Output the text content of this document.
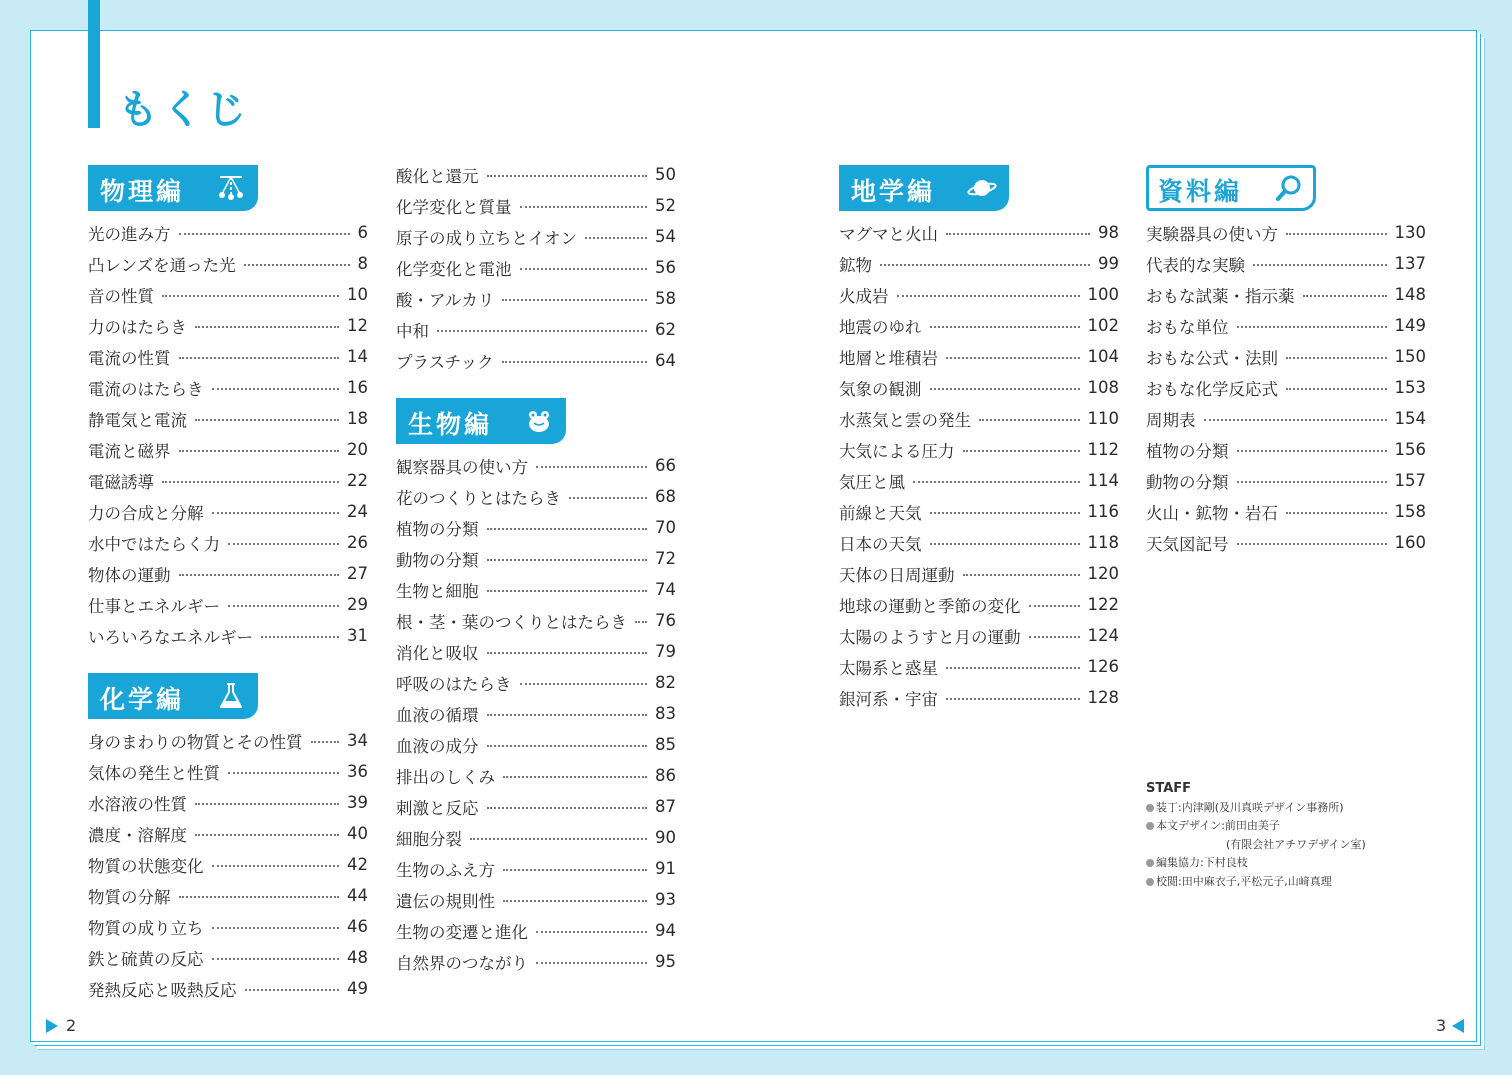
もくじ
物理編
光の進み方	6
凸レンズを通った光	8
音の性質	10
力のはたらき	12
電流の性質	14
電流のはたらき	16
静電気と電流	18
電流と磁界	20
電磁誘導	22
力の合成と分解	24
水中ではたらく力	26
物体の運動	27
仕事とエネルギー	29
いろいろなエネルギー	31
化学編
身のまわりの物質とその性質	34
気体の発生と性質	36
水溶液の性質	39
濃度・溶解度	40
物質の状態変化	42
物質の分解	44
物質の成り立ち	46
鉄と硫黄の反応	48
発熱反応と吸熱反応	49
酸化と還元	50
化学変化と質量	52
原子の成り立ちとイオン	54
化学変化と電池	56
酸・アルカリ	58
中和	62
プラスチック	64
生物編
観察器具の使い方	66
花のつくりとはたらき	68
植物の分類	70
動物の分類	72
生物と細胞	74
根・茎・葉のつくりとはたらき 76
消化と吸収	79
呼吸のはたらき	82
血液の循環	83
血液の成分	85
排出のしくみ	86
刺激と反応	87
細胞分裂	90
生物のふえ方	91
遺伝の規則性	93
生物の変遷と進化	94
自然界のつながり	95
地学編
マグマと火山	98
鉱物	99
火成岩	100
地震のゆれ	102
地層と堆積岩	104
気象の観測	108
水蒸気と雲の発生	110
大気による圧力	112
気圧と風	114
前線と天気	116
日本の天気	118
天体の日周運動	120
地球の運動と季節の変化	122
太陽のようすと月の運動	124
太陽系と惑星	126
銀河系・宇宙	128
資料編
実験器具の使い方	130
代表的な実験	137
おもな試薬・指示薬	148
おもな単位	149
おもな公式・法則	150
おもな化学反応式	153
周期表	154
植物の分類	156
動物の分類	157
火山・鉱物・岩石	158
天気図記号	160
STAFF
装丁:内津剛(及川真咲デザイン事務所)
本文デザイン:前田由美子
(有限会社アチワデザイン室)
編集協力:下村良枝
校閲:田中麻衣子,平松元子,山﨑真理
2	3
